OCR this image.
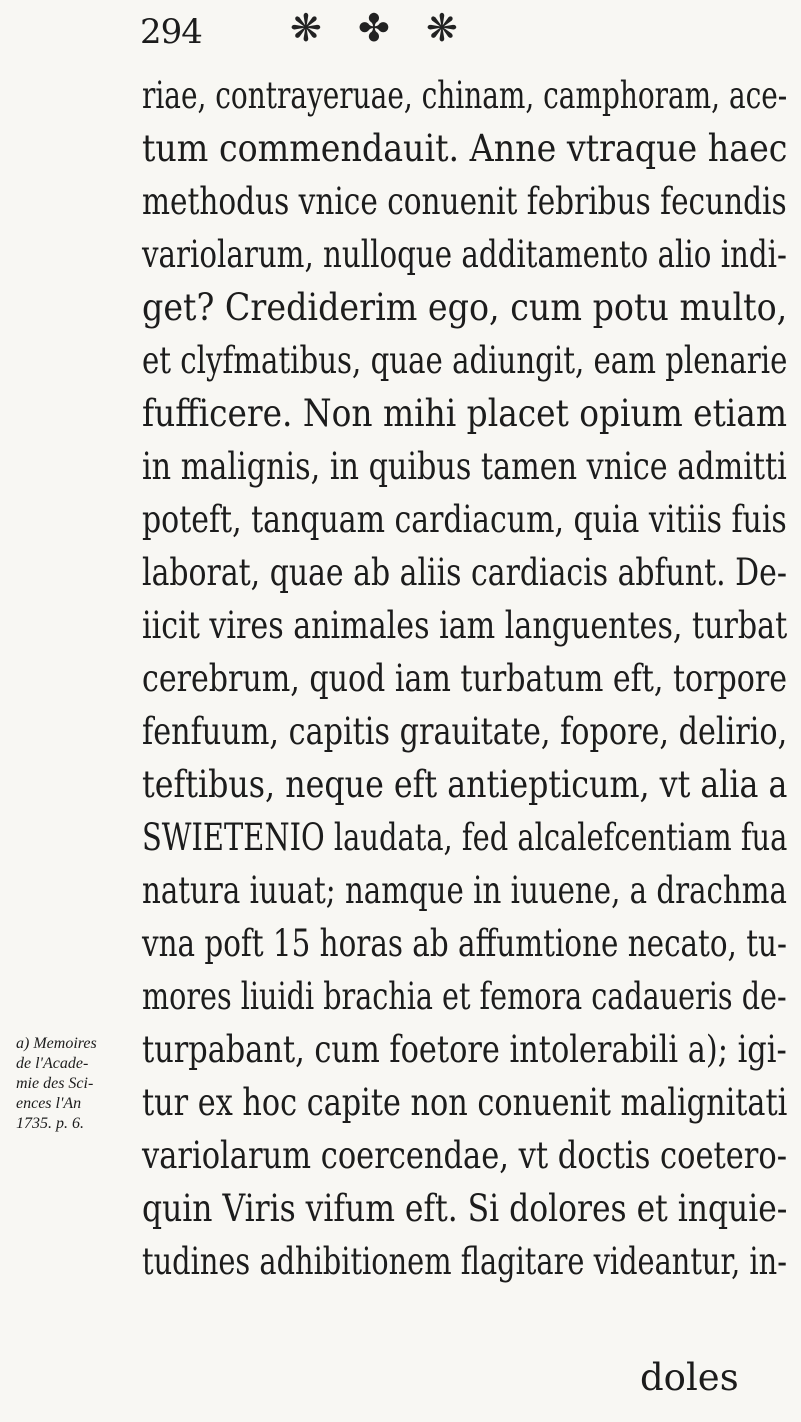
294 ❋ ✤ ❋
riae, contrayeruae, chinam, camphoram, ace-
tum commendauit. Anne vtraque haec
methodus vnice conuenit febribus fecundis
variolarum, nulloque additamento alio indi-
get? Crediderim ego, cum potu multo,
et clyfmatibus, quae adiungit, eam plenarie
fufficere. Non mihi placet opium etiam
in malignis, in quibus tamen vnice admitti
poteft, tanquam cardiacum, quia vitiis fuis
laborat, quae ab aliis cardiacis abfunt. De-
iicit vires animales iam languentes, turbat
cerebrum, quod iam turbatum eft, torpore
fenfuum, capitis grauitate, fopore, delirio,
teftibus, neque eft antiepticum, vt alia a
SWIETENIO laudata, fed alcalefcentiam fua
natura iuuat; namque in iuuene, a drachma
vna poft 15 horas ab affumtione necato, tu-
mores liuidi brachia et femora cadaueris de-
turpabant, cum foetore intolerabili a); igi-
tur ex hoc capite non conuenit malignitati
variolarum coercendae, vt doctis coetero-
quin Viris vifum eft. Si dolores et inquie-
tudines adhibitionem flagitare videantur, in-
a) Memoires
de l'Acade-
mie des Sci-
ences l'An
1735. p. 6.
doles
